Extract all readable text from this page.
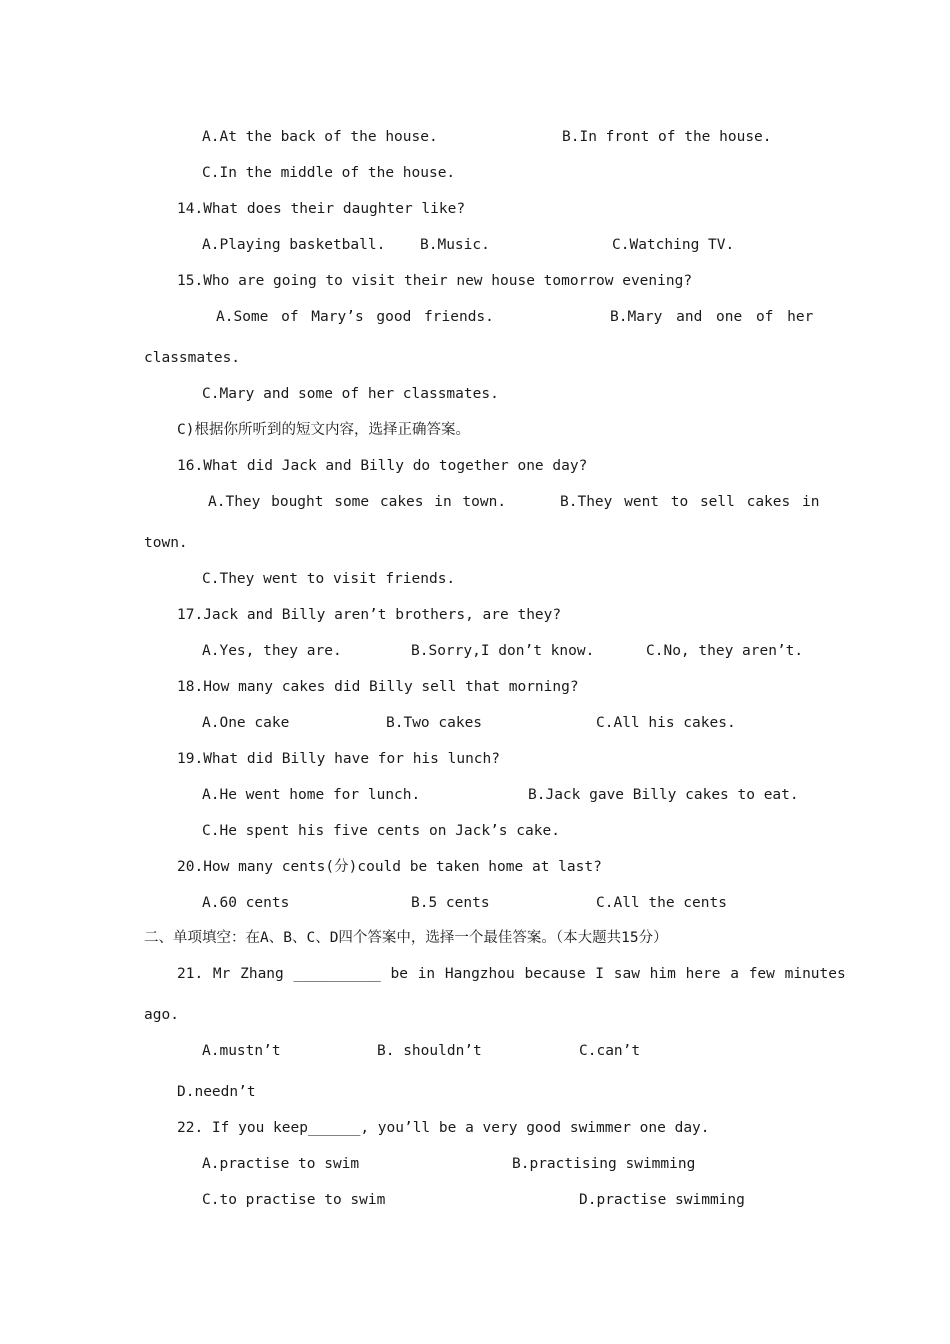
A.At the back of the house.	B.In front of the house.
C.In the middle of the house.
14.What does their daughter like?
A.Playing basketball. B.Music.	C.Watching TV.
15.Who are going to visit their new house tomorrow evening?
A.Some of Mary’s good friends.	B.Mary and one of her
classmates.
C.Mary and some of her classmates.
C)根据你所听到的短文内容，选择正确答案。
16.What did Jack and Billy do together one day?
A.They bought some cakes in town.	B.They went to sell cakes in
town.
C.They went to visit friends.
17.Jack and Billy aren’t brothers, are they?
A.Yes, they are.	B.Sorry,I don’t know.	C.No, they aren’t.
18.How many cakes did Billy sell that morning?
A.One cake	B.Two cakes	C.All his cakes.
19.What did Billy have for his lunch?
A.He went home for lunch.	B.Jack gave Billy cakes to eat.
C.He spent his five cents on Jack’s cake.
20.How many cents(分)could be taken home at last?
A.60 cents	B.5 cents	C.All the cents
二、单项填空：在A、B、C、D四个答案中，选择一个最佳答案。（本大题共15分）
21. Mr Zhang __________ be in Hangzhou because I saw him here a few minutes
ago.
A.mustn’t	B. shouldn’t	C.can’t
D.needn’t
22. If you keep______, you’ll be a very good swimmer one day.
A.practise to swim	B.practising swimming
C.to practise to swim	D.practise swimming
